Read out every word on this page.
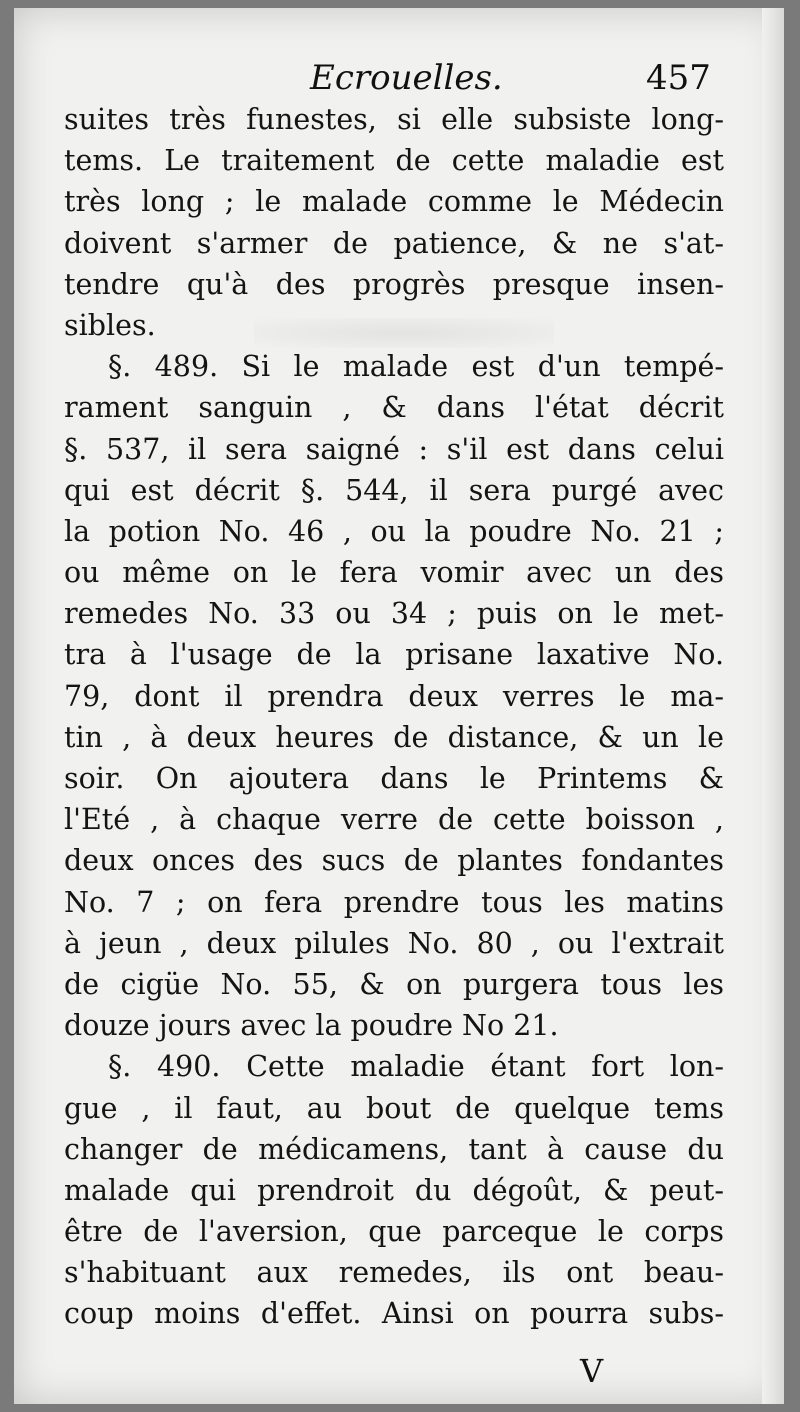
Ecrouelles.	457
suites très funestes, si elle subsiste long-
tems. Le traitement de cette maladie est
très long ; le malade comme le Médecin
doivent s'armer de patience, & ne s'at-
tendre qu'à des progrès presque insen-
sibles.
§. 489. Si le malade est d'un tempé-
rament sanguin , & dans l'état décrit
§. 537, il sera saigné : s'il est dans celui
qui est décrit §. 544, il sera purgé avec
la potion No. 46 , ou la poudre No. 21 ;
ou même on le fera vomir avec un des
remedes No. 33 ou 34 ; puis on le met-
tra à l'usage de la prisane laxative No.
79, dont il prendra deux verres le ma-
tin , à deux heures de distance, & un le
soir. On ajoutera dans le Printems &
l'Eté , à chaque verre de cette boisson ,
deux onces des sucs de plantes fondantes
No. 7 ; on fera prendre tous les matins
à jeun , deux pilules No. 80 , ou l'extrait
de cigüe No. 55, & on purgera tous les
douze jours avec la poudre No 21.
§. 490. Cette maladie étant fort lon-
gue , il faut, au bout de quelque tems
changer de médicamens, tant à cause du
malade qui prendroit du dégoût, & peut-
être de l'aversion, que parceque le corps
s'habituant aux remedes, ils ont beau-
coup moins d'effet. Ainsi on pourra subs-
V
